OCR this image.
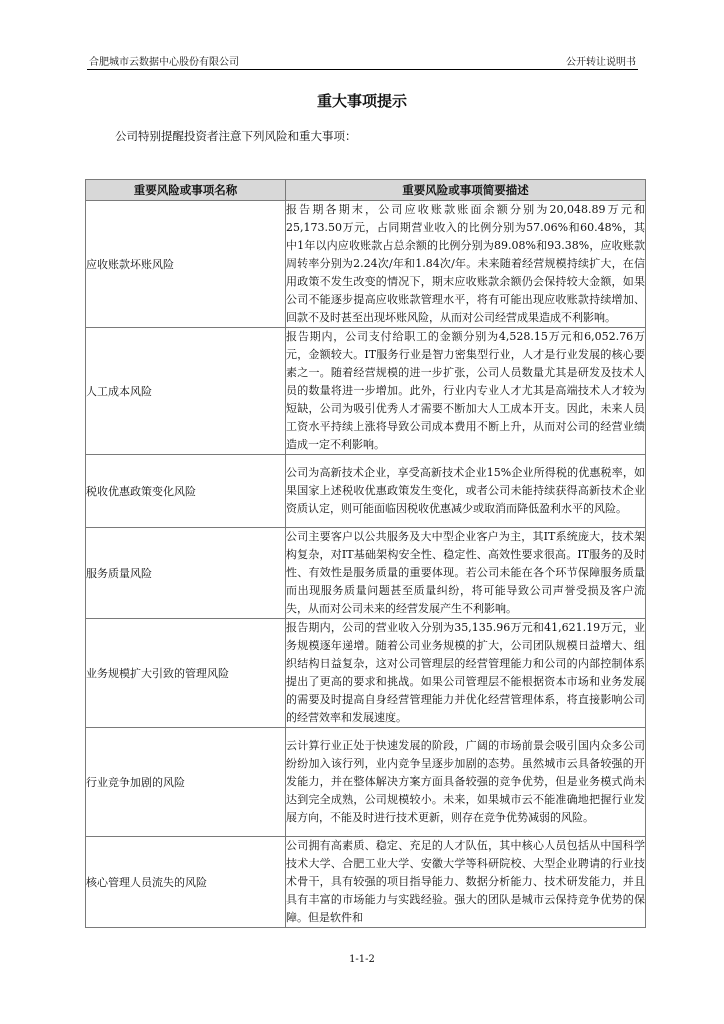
合肥城市云数据中心股份有限公司	公开转让说明书
重大事项提示
公司特别提醒投资者注意下列风险和重大事项：
重要风险或事项名称	重要风险或事项简要描述
应收账款坏账风险	报告期各期末，公司应收账款账面余额分别为20,048.89万元和25,173.50万元，占同期营业收入的比例分别为57.06%和60.48%，其中1年以内应收账款占总余额的比例分别为89.08%和93.38%，应收账款周转率分别为2.24次/年和1.84次/年。未来随着经营规模持续扩大，在信用政策不发生改变的情况下，期末应收账款余额仍会保持较大金额，如果公司不能逐步提高应收账款管理水平，将有可能出现应收账款持续增加、回款不及时甚至出现坏账风险，从而对公司经营成果造成不利影响。
人工成本风险	报告期内，公司支付给职工的金额分别为4,528.15万元和6,052.76万元，金额较大。IT服务行业是智力密集型行业，人才是行业发展的核心要素之一。随着经营规模的进一步扩张，公司人员数量尤其是研发及技术人员的数量将进一步增加。此外，行业内专业人才尤其是高端技术人才较为短缺，公司为吸引优秀人才需要不断加大人工成本开支。因此，未来人员工资水平持续上涨将导致公司成本费用不断上升，从而对公司的经营业绩造成一定不利影响。
税收优惠政策变化风险	公司为高新技术企业，享受高新技术企业15%企业所得税的优惠税率，如果国家上述税收优惠政策发生变化，或者公司未能持续获得高新技术企业资质认定，则可能面临因税收优惠减少或取消而降低盈利水平的风险。
服务质量风险	公司主要客户以公共服务及大中型企业客户为主，其IT系统庞大，技术架构复杂，对IT基础架构安全性、稳定性、高效性要求很高。IT服务的及时性、有效性是服务质量的重要体现。若公司未能在各个环节保障服务质量而出现服务质量问题甚至质量纠纷，将可能导致公司声誉受损及客户流失，从而对公司未来的经营发展产生不利影响。
业务规模扩大引致的管理风险	报告期内，公司的营业收入分别为35,135.96万元和41,621.19万元，业务规模逐年递增。随着公司业务规模的扩大，公司团队规模日益增大、组织结构日益复杂，这对公司管理层的经营管理能力和公司的内部控制体系提出了更高的要求和挑战。如果公司管理层不能根据资本市场和业务发展的需要及时提高自身经营管理能力并优化经营管理体系，将直接影响公司的经营效率和发展速度。
行业竞争加剧的风险	云计算行业正处于快速发展的阶段，广阔的市场前景会吸引国内众多公司纷纷加入该行列，业内竞争呈逐步加剧的态势。虽然城市云具备较强的开发能力，并在整体解决方案方面具备较强的竞争优势，但是业务模式尚未达到完全成熟，公司规模较小。未来，如果城市云不能准确地把握行业发展方向，不能及时进行技术更新，则存在竞争优势减弱的风险。
核心管理人员流失的风险	公司拥有高素质、稳定、充足的人才队伍，其中核心人员包括从中国科学技术大学、合肥工业大学、安徽大学等科研院校、大型企业聘请的行业技术骨干，具有较强的项目指导能力、数据分析能力、技术研发能力，并且具有丰富的市场能力与实践经验。强大的团队是城市云保持竞争优势的保障。但是软件和
1-1-2
